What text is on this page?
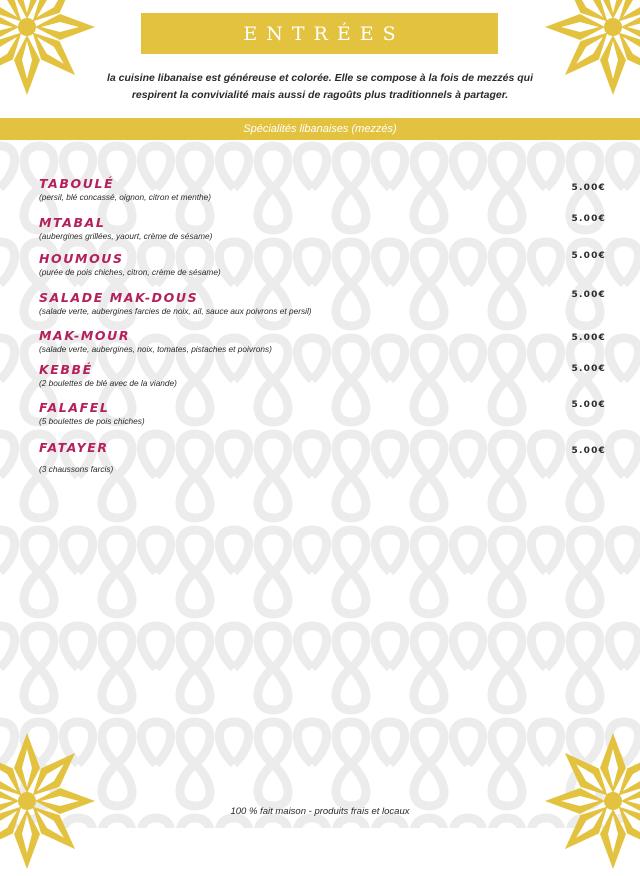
ENTRÉES
la cuisine libanaise est généreuse et colorée. Elle se compose à la fois de mezzés qui respirent la convivialité mais aussi de ragoûts plus traditionnels à partager.
Spécialités libanaises (mezzés)
TABOULÉ
(persil, blé concassé, oignon, citron et menthe)
5.00€
MTABAL
(aubergines grillées, yaourt, crème de sésame)
5.00€
HOUMOUS
(purée de pois chiches, citron, crème de sésame)
5.00€
SALADE MAK-DOUS
(salade verte, aubergines farcies de noix, ail, sauce aux poivrons et persil)
5.00€
MAK-MOUR
(salade verte, aubergines, noix, tomates, pistaches et poivrons)
5.00€
KEBBÉ
(2 boulettes de blé avec de la viande)
5.00€
FALAFEL
(5 boulettes de pois chiches)
5.00€
FATAYER
(3 chaussons farcis)
5.00€
100 % fait maison - produits frais et locaux
